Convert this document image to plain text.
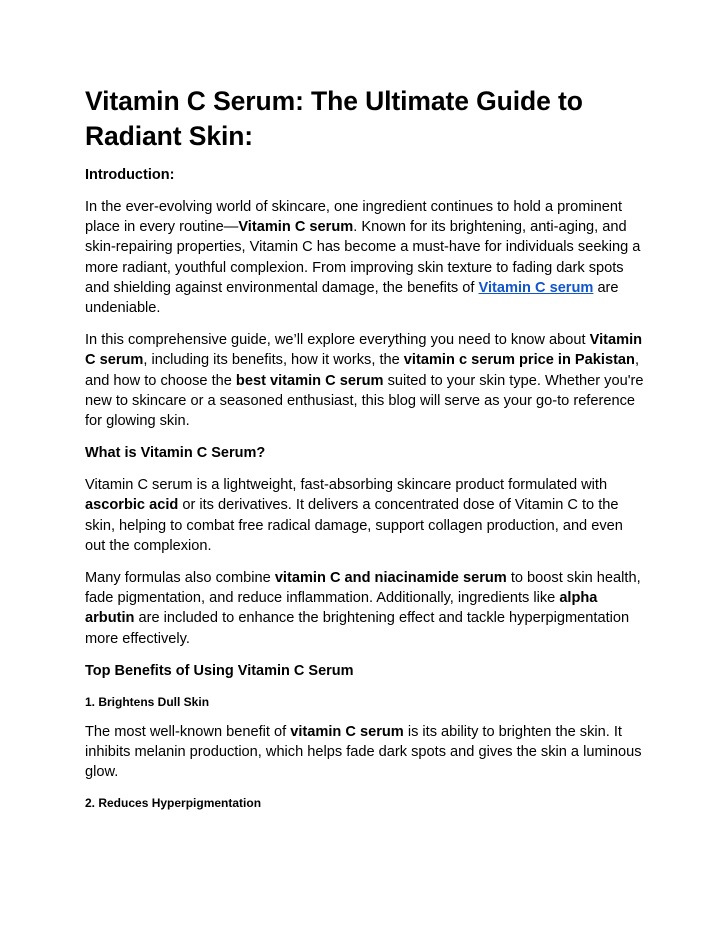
Vitamin C Serum: The Ultimate Guide to Radiant Skin:
Introduction:

In the ever-evolving world of skincare, one ingredient continues to hold a prominent place in every routine—Vitamin C serum. Known for its brightening, anti-aging, and skin-repairing properties, Vitamin C has become a must-have for individuals seeking a more radiant, youthful complexion. From improving skin texture to fading dark spots and shielding against environmental damage, the benefits of Vitamin C serum are undeniable.

In this comprehensive guide, we’ll explore everything you need to know about Vitamin C serum, including its benefits, how it works, the vitamin c serum price in Pakistan, and how to choose the best vitamin C serum suited to your skin type. Whether you're new to skincare or a seasoned enthusiast, this blog will serve as your go-to reference for glowing skin.

What is Vitamin C Serum?

Vitamin C serum is a lightweight, fast-absorbing skincare product formulated with ascorbic acid or its derivatives. It delivers a concentrated dose of Vitamin C to the skin, helping to combat free radical damage, support collagen production, and even out the complexion.

Many formulas also combine vitamin C and niacinamide serum to boost skin health, fade pigmentation, and reduce inflammation. Additionally, ingredients like alpha arbutin are included to enhance the brightening effect and tackle hyperpigmentation more effectively.

Top Benefits of Using Vitamin C Serum
1. Brightens Dull Skin

The most well-known benefit of vitamin C serum is its ability to brighten the skin. It inhibits melanin production, which helps fade dark spots and gives the skin a luminous glow.

2. Reduces Hyperpigmentation
